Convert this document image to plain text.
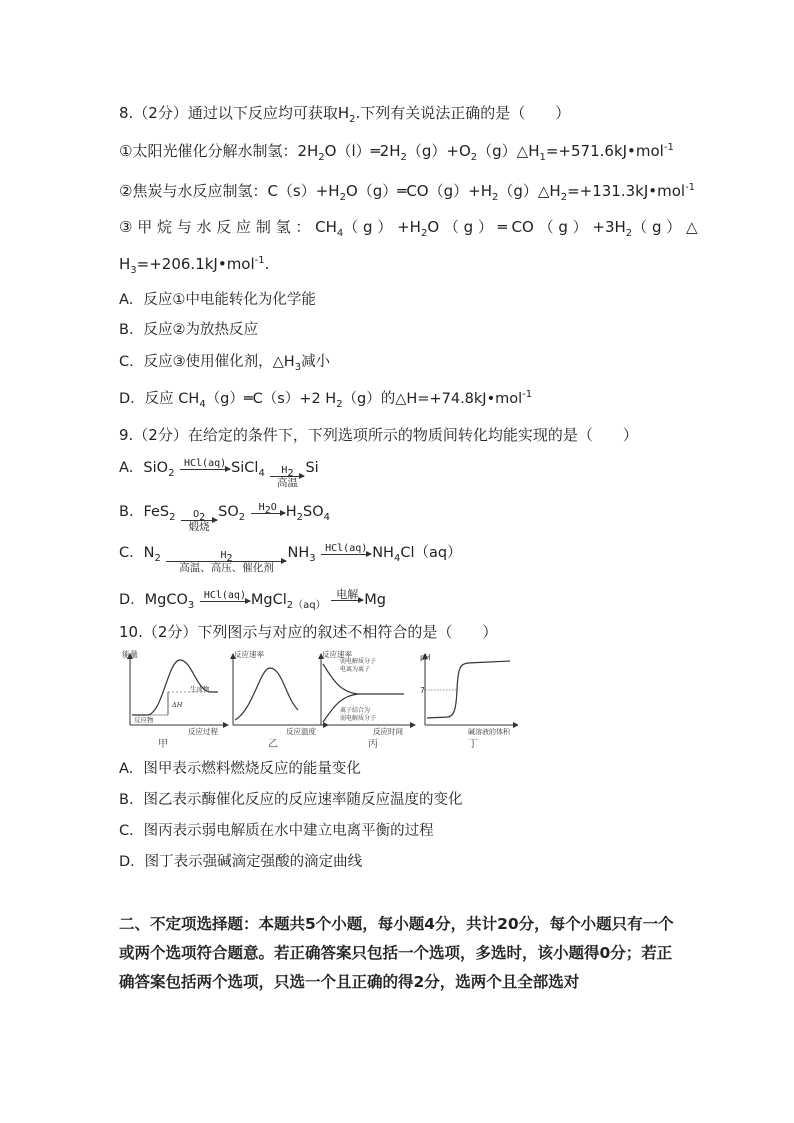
8.（2分）通过以下反应均可获取$H_2$.下列有关说法正确的是（　　）
①太阳光催化分解水制氢：$2H_2O(l)═2H_2(g)+O_2(g)\triangle H_1=+571.6kJ•mol^{-1}$
②焦炭与水反应制氢：$C(s)+H_2O(g)═CO(g)+H_2(g)\triangle H_2=+131.3kJ•mol^{-1}$
③ 甲 烷 与 水 反 应 制 氢 ： $CH_4$（ g ） $+H_2O$ （ g ） ═ CO （ g ） $+3H_2$（ g ） △
$H_3=+206.1kJ•mol^{-1}$.
A．反应①中电能转化为化学能
B．反应②为放热反应
C．反应③使用催化剂，$\triangle H_3$减小
D．反应 $CH_4(g)═C(s)+2$ $H_2(g)$的△H=+74.8kJ•mol$^{-1}$
9.（2分）在给定的条件下，下列选项所示的物质间转化均能实现的是（　　）
A．SiO$_2$
HCl(aq) SiCl$_4$	$H_2$
高温
Si
B．FeS$_2$	$O_2$
煅烧
$SO_2$
$H_2O$ $H_2SO_4$
C．$N_2$	$H_2$
高温、高压、催化剂
$NH_3$
HCl(aq) $NH_4Cl(aq)$
D．MgCO$_3$
HCl(aq) MgCl$_{2(aq)}$
电解 Mg
10.（2分）下列图示与对应的叙述不相符合的是（　　）
能量
反应过程
生成物
反应物
ΔH
反应速率
反应温度
反应速率
反应时间
弱电解质分子
电离为离子
离子结合为
弱电解质分子
pH
7
碱溶液的体积
甲	乙	丙	丁
A．图甲表示燃料燃烧反应的能量变化
B．图乙表示酶催化反应的反应速率随反应温度的变化
C．图丙表示弱电解质在水中建立电离平衡的过程
D．图丁表示强碱滴定强酸的滴定曲线
二、不定项选择题：本题共5个小题，每小题4分，共计20分，每个小题只有一个或两个选项符合题意。若正确答案只包括一个选项，多选时，该小题得0分；若正确答案包括两个选项，只选一个且正确的得2分，选两个且全部选对
